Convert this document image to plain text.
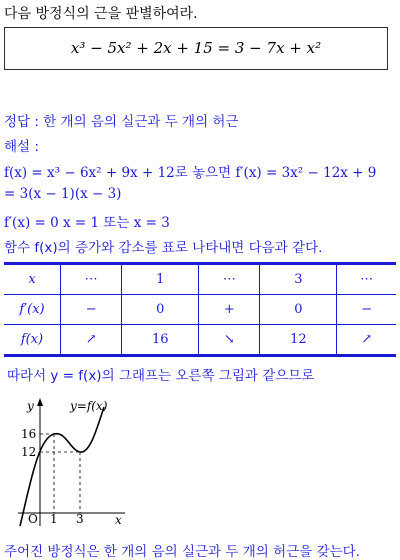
다음 방정식의 근을 판별하여라.
x³ − 5x² + 2x + 15 = 3 − 7x + x²
정답 : 한 개의 음의 실근과 두 개의 허근
해설 :
f(x) = x³ − 6x² + 9x + 12로 놓으면 f′(x) = 3x² − 12x + 9
= 3(x − 1)(x − 3)
f′(x) = 0 x = 1 또는 x = 3
함수 f(x)의 증가와 감소를 표로 나타내면 다음과 같다.
x	⋯	1	⋯	3	⋯
f′(x)	−	0	+	0	−
f(x)	↗	16	↘	12	↗
따라서 y = f(x)의 그래프는 오른쪽 그림과 같으므로
y	y=f(x)
16
12
O 1 3	x
주어진 방정식은 한 개의 음의 실근과 두 개의 허근을 갖는다.
